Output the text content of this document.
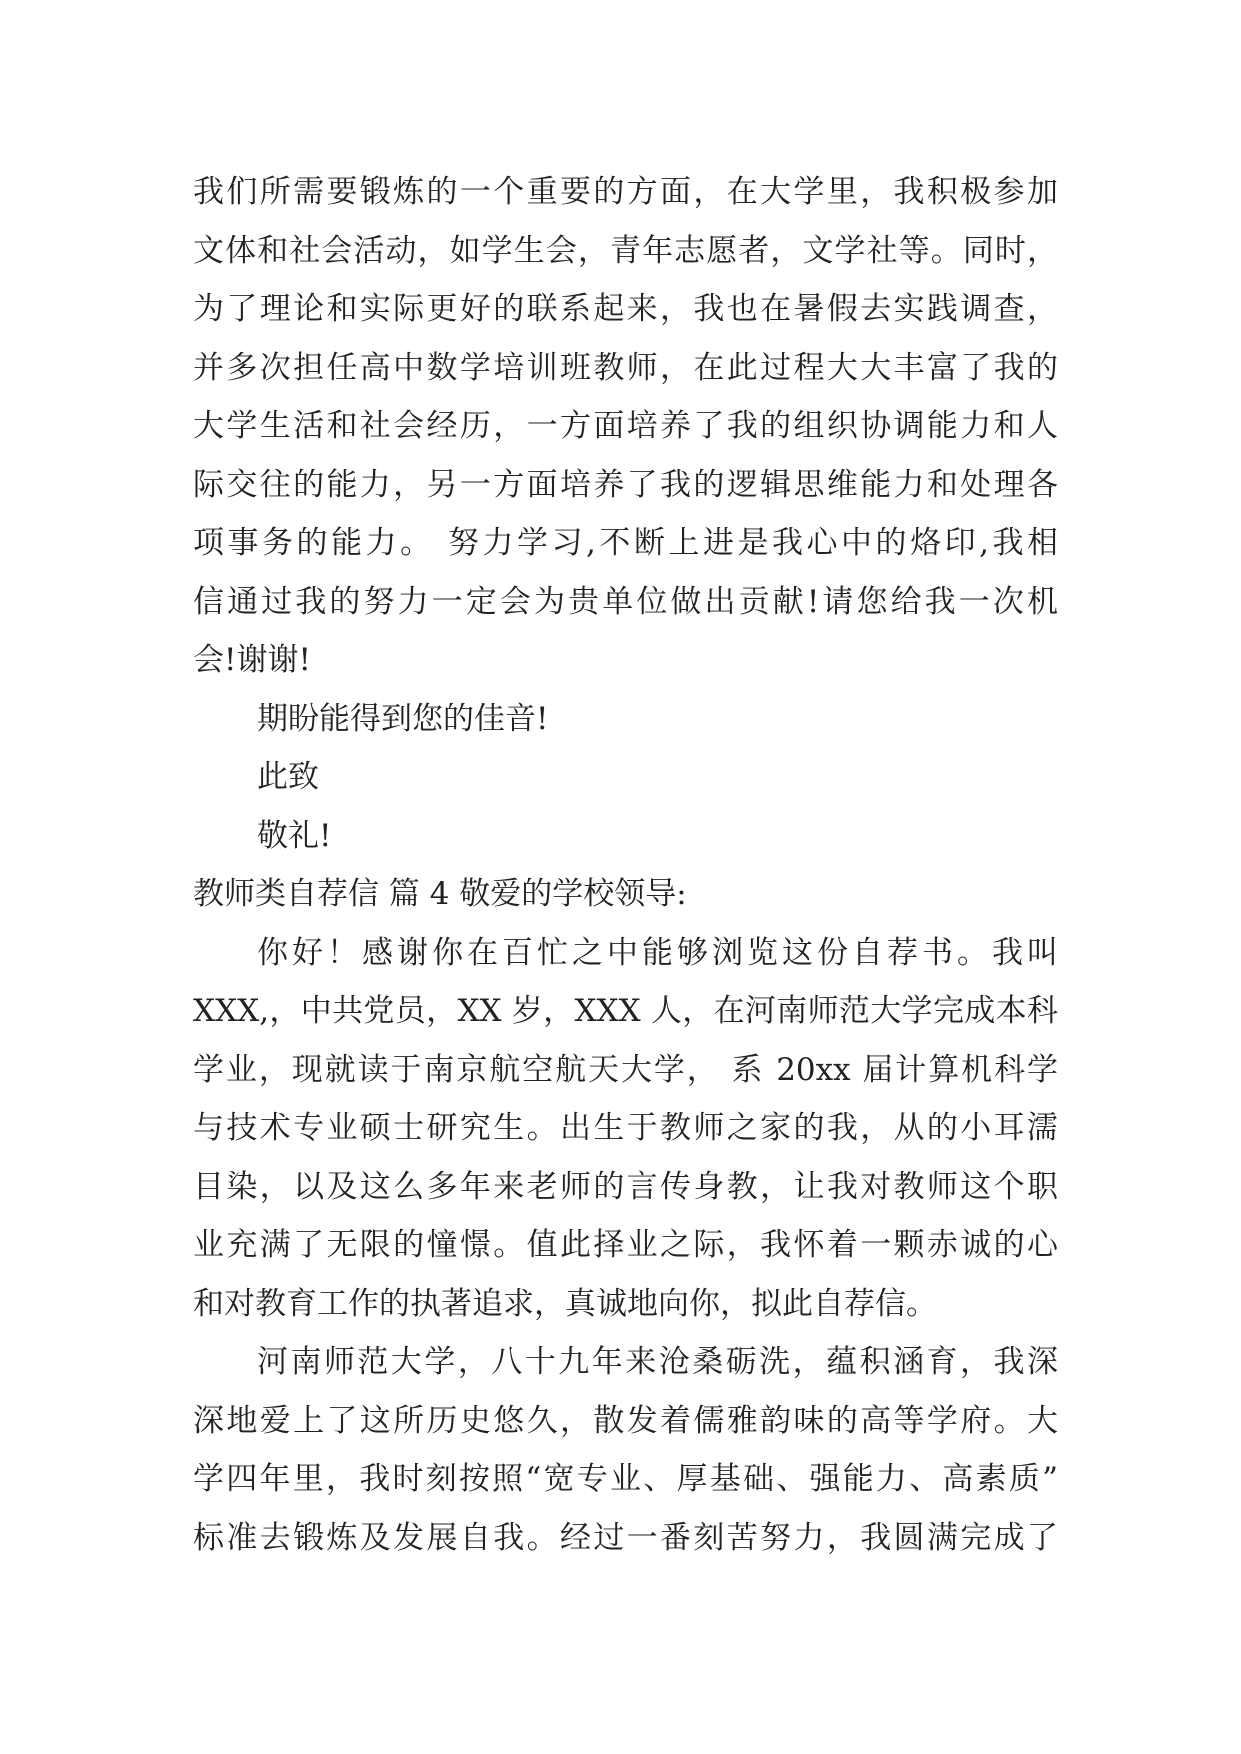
我们所需要锻炼的一个重要的方面，在大学里，我积极参加
文体和社会活动，如学生会，青年志愿者，文学社等。同时，
为了理论和实际更好的联系起来，我也在暑假去实践调查，
并多次担任高中数学培训班教师，在此过程大大丰富了我的
大学生活和社会经历，一方面培养了我的组织协调能力和人
际交往的能力，另一方面培养了我的逻辑思维能力和处理各
项事务的能力。 努力学习,不断上进是我心中的烙印,我相
信通过我的努力一定会为贵单位做出贡献!请您给我一次机
会!谢谢!
期盼能得到您的佳音!
此致
敬礼!
教师类自荐信 篇 4 敬爱的学校领导:
你好！感谢你在百忙之中能够浏览这份自荐书。我叫
XXX,，中共党员，XX 岁，XXX 人，在河南师范大学完成本科
学业，现就读于南京航空航天大学， 系 20xx 届计算机科学
与技术专业硕士研究生。出生于教师之家的我，从的小耳濡
目染，以及这么多年来老师的言传身教，让我对教师这个职
业充满了无限的憧憬。值此择业之际，我怀着一颗赤诚的心
和对教育工作的执著追求，真诚地向你，拟此自荐信。
河南师范大学，八十九年来沧桑砺洗，蕴积涵育，我深
深地爱上了这所历史悠久，散发着儒雅韵味的高等学府。大
学四年里，我时刻按照“宽专业、厚基础、强能力、高素质”
标准去锻炼及发展自我。经过一番刻苦努力，我圆满完成了
